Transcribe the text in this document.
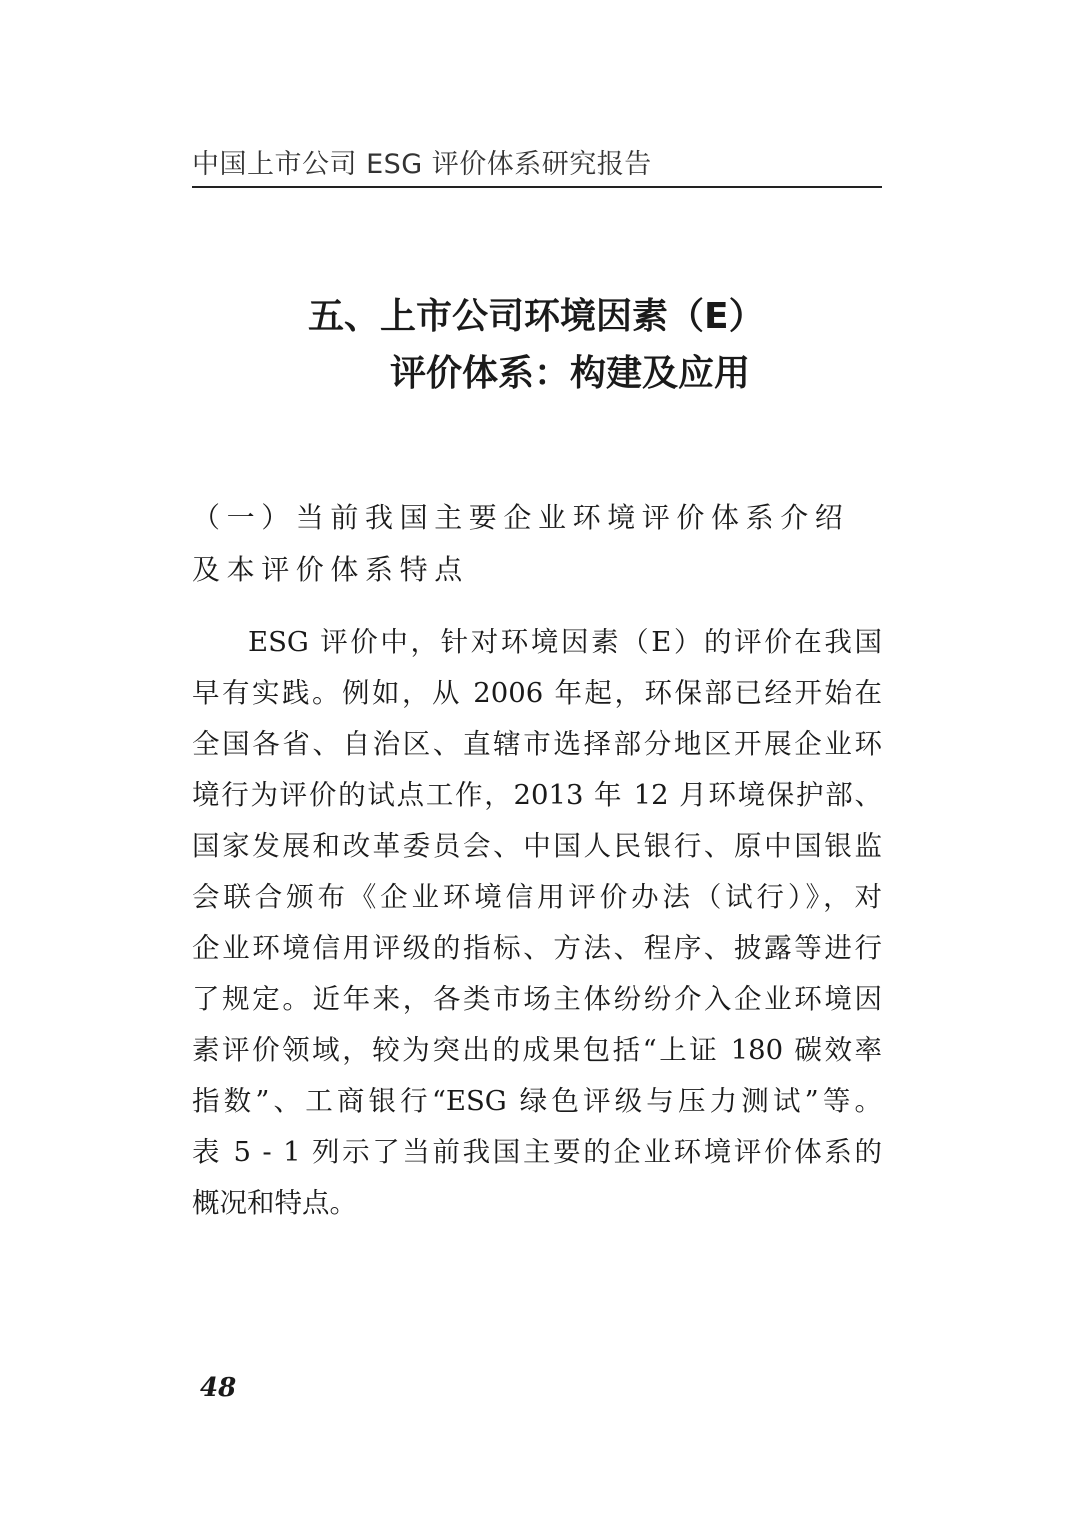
中国上市公司 ESG 评价体系研究报告
五、上市公司环境因素（E）
评价体系：构建及应用
（一）当前我国主要企业环境评价体系介绍
及本评价体系特点
ESG 评价中，针对环境因素（E）的评价在我国
早有实践。例如，从 2006 年起，环保部已经开始在
全国各省、自治区、直辖市选择部分地区开展企业环
境行为评价的试点工作，2013 年 12 月环境保护部、
国家发展和改革委员会、中国人民银行、原中国银监
会联合颁布《企业环境信用评价办法（试行）》，对
企业环境信用评级的指标、方法、程序、披露等进行
了规定。近年来，各类市场主体纷纷介入企业环境因
素评价领域，较为突出的成果包括“上证 180 碳效率
指数”、工商银行“ESG 绿色评级与压力测试”等。
表 5 - 1 列示了当前我国主要的企业环境评价体系的
概况和特点。
48
